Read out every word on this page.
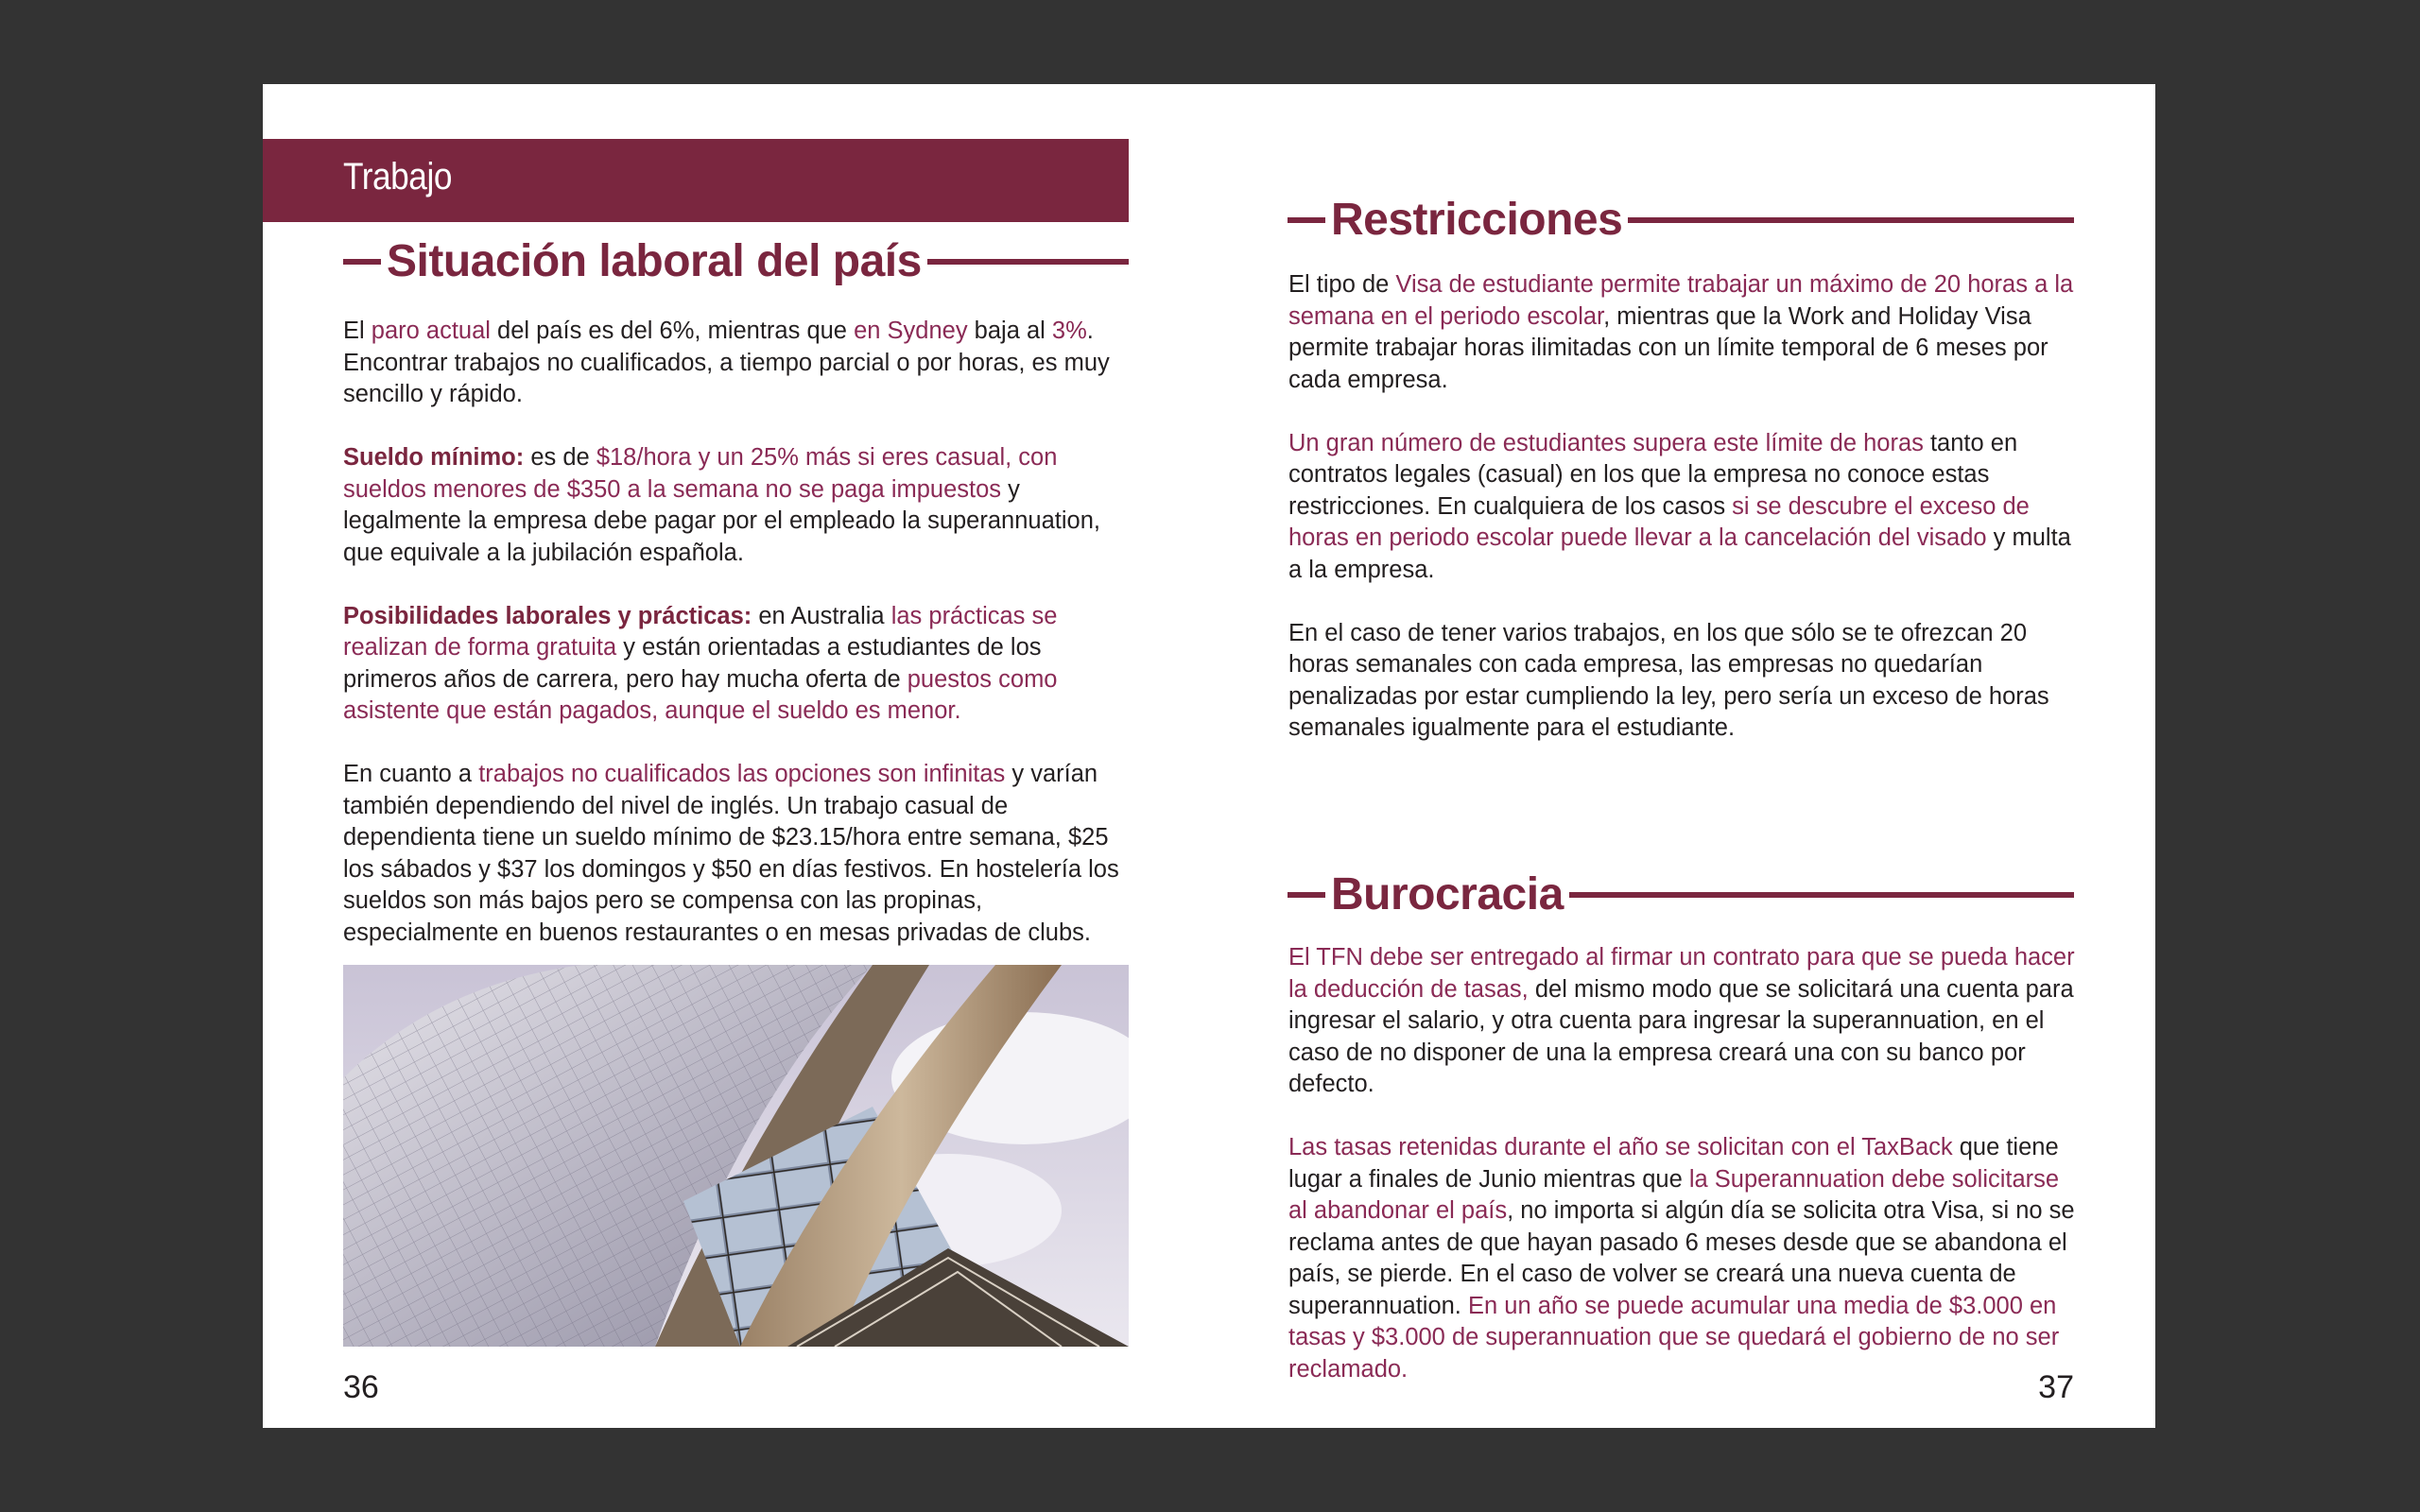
Trabajo
Situación laboral del país

El paro actual del país es del 6%, mientras que en Sydney baja al 3%. Encontrar trabajos no cualificados, a tiempo parcial o por horas, es muy sencillo y rápido.

Sueldo mínimo: es de $18/hora y un 25% más si eres casual, con sueldos menores de $350 a la semana no se paga impuestos y legalmente la empresa debe pagar por el empleado la superannuation, que equivale a la jubilación española.

Posibilidades laborales y prácticas: en Australia las prácticas se realizan de forma gratuita y están orientadas a estudiantes de los primeros años de carrera, pero hay mucha oferta de puestos como asistente que están pagados, aunque el sueldo es menor.

En cuanto a trabajos no cualificados las opciones son infinitas y varían también dependiendo del nivel de inglés. Un trabajo casual de dependienta tiene un sueldo mínimo de $23.15/hora entre semana, $25 los sábados y $37 los domingos y $50 en días festivos. En hostelería los sueldos son más bajos pero se compensa con las propinas, especialmente en buenos restaurantes o en mesas privadas de clubs.

36
Restricciones

El tipo de Visa de estudiante permite trabajar un máximo de 20 horas a la semana en el periodo escolar, mientras que la Work and Holiday Visa permite trabajar horas ilimitadas con un límite temporal de 6 meses por cada empresa.

Un gran número de estudiantes supera este límite de horas tanto en contratos legales (casual) en los que la empresa no conoce estas restricciones. En cualquiera de los casos si se descubre el exceso de horas en periodo escolar puede llevar a la cancelación del visado y multa a la empresa.

En el caso de tener varios trabajos, en los que sólo se te ofrezcan 20 horas semanales con cada empresa, las empresas no quedarían penalizadas por estar cumpliendo la ley, pero sería un exceso de horas semanales igualmente para el estudiante.

Burocracia

El TFN debe ser entregado al firmar un contrato para que se pueda hacer la deducción de tasas, del mismo modo que se solicitará una cuenta para ingresar el salario, y otra cuenta para ingresar la superannuation, en el caso de no disponer de una la empresa creará una con su banco por defecto.

Las tasas retenidas durante el año se solicitan con el TaxBack que tiene lugar a finales de Junio mientras que la Superannuation debe solicitarse al abandonar el país, no importa si algún día se solicita otra Visa, si no se reclama antes de que hayan pasado 6 meses desde que se abandona el país, se pierde. En el caso de volver se creará una nueva cuenta de superannuation. En un año se puede acumular una media de $3.000 en tasas y $3.000 de superannuation que se quedará el gobierno de no ser reclamado.

37
